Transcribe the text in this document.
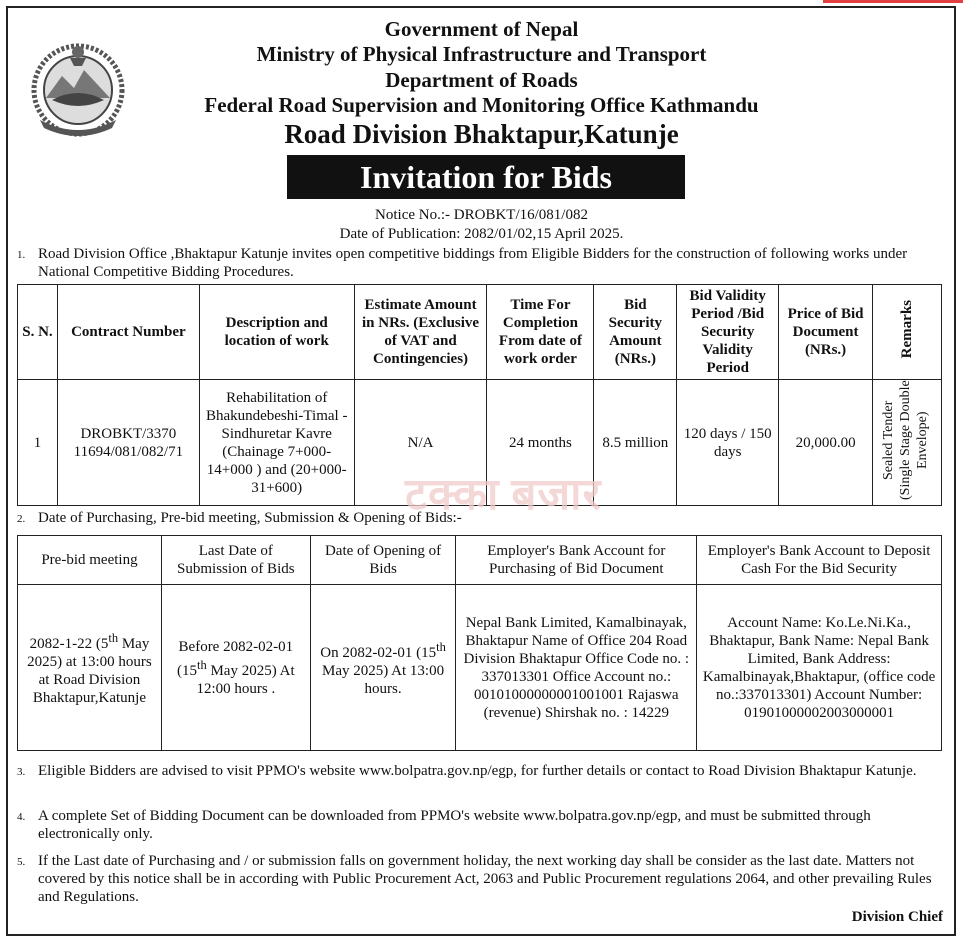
Government of Nepal
Ministry of Physical Infrastructure and Transport
Department of Roads
Federal Road Supervision and Monitoring Office Kathmandu
Road Division Bhaktapur,Katunje
Invitation for Bids
Notice No.:- DROBKT/16/081/082
Date of Publication: 2082/01/02,15 April 2025.
1. Road Division Office ,Bhaktapur Katunje invites open competitive biddings from Eligible Bidders for the construction of following works under National Competitive Bidding Procedures.
S. N.	Contract Number	Description and location of work	Estimate Amount in NRs. (Exclusive of VAT and Contingencies)	Time For Completion From date of work order	Bid Security Amount (NRs.)	Bid Validity Period /Bid Security Validity Period	Price of Bid Document (NRs.)	Remarks
1	DROBKT/3370 11694/081/082/71	Rehabilitation of Bhakundebeshi-Timal -Sindhuretar Kavre (Chainage 7+000-14+000 ) and (20+000-31+600)	N/A	24 months	8.5 million	120 days / 150 days	20,000.00	Sealed Tender (Single Stage Double Envelope)
टक्का बजार
2. Date of Purchasing, Pre-bid meeting, Submission & Opening of Bids:-
Pre-bid meeting	Last Date of Submission of Bids	Date of Opening of Bids	Employer's Bank Account for Purchasing of Bid Document	Employer's Bank Account to Deposit Cash For the Bid Security
2082-1-22 (5th May 2025) at 13:00 hours at Road Division Bhaktapur,Katunje	Before 2082-02-01 (15th May 2025) At 12:00 hours .	On 2082-02-01 (15th May 2025) At 13:00 hours.	Nepal Bank Limited, Kamalbinayak, Bhaktapur Name of Office 204 Road Division Bhaktapur Office Code no. : 337013301 Office Account no.: 00101000000001001001 Rajaswa (revenue) Shirshak no. : 14229	Account Name: Ko.Le.Ni.Ka., Bhaktapur, Bank Name: Nepal Bank Limited, Bank Address: Kamalbinayak,Bhaktapur, (office code no.:337013301) Account Number: 01901000002003000001
3. Eligible Bidders are advised to visit PPMO's website www.bolpatra.gov.np/egp, for further details or contact to Road Division Bhaktapur Katunje.
4. A complete Set of Bidding Document can be downloaded from PPMO's website www.bolpatra.gov.np/egp, and must be submitted through electronically only.
5. If the Last date of Purchasing and / or submission falls on government holiday, the next working day shall be consider as the last date. Matters not covered by this notice shall be in according with Public Procurement Act, 2063 and Public Procurement regulations 2064, and other prevailing Rules and Regulations.
Division Chief
